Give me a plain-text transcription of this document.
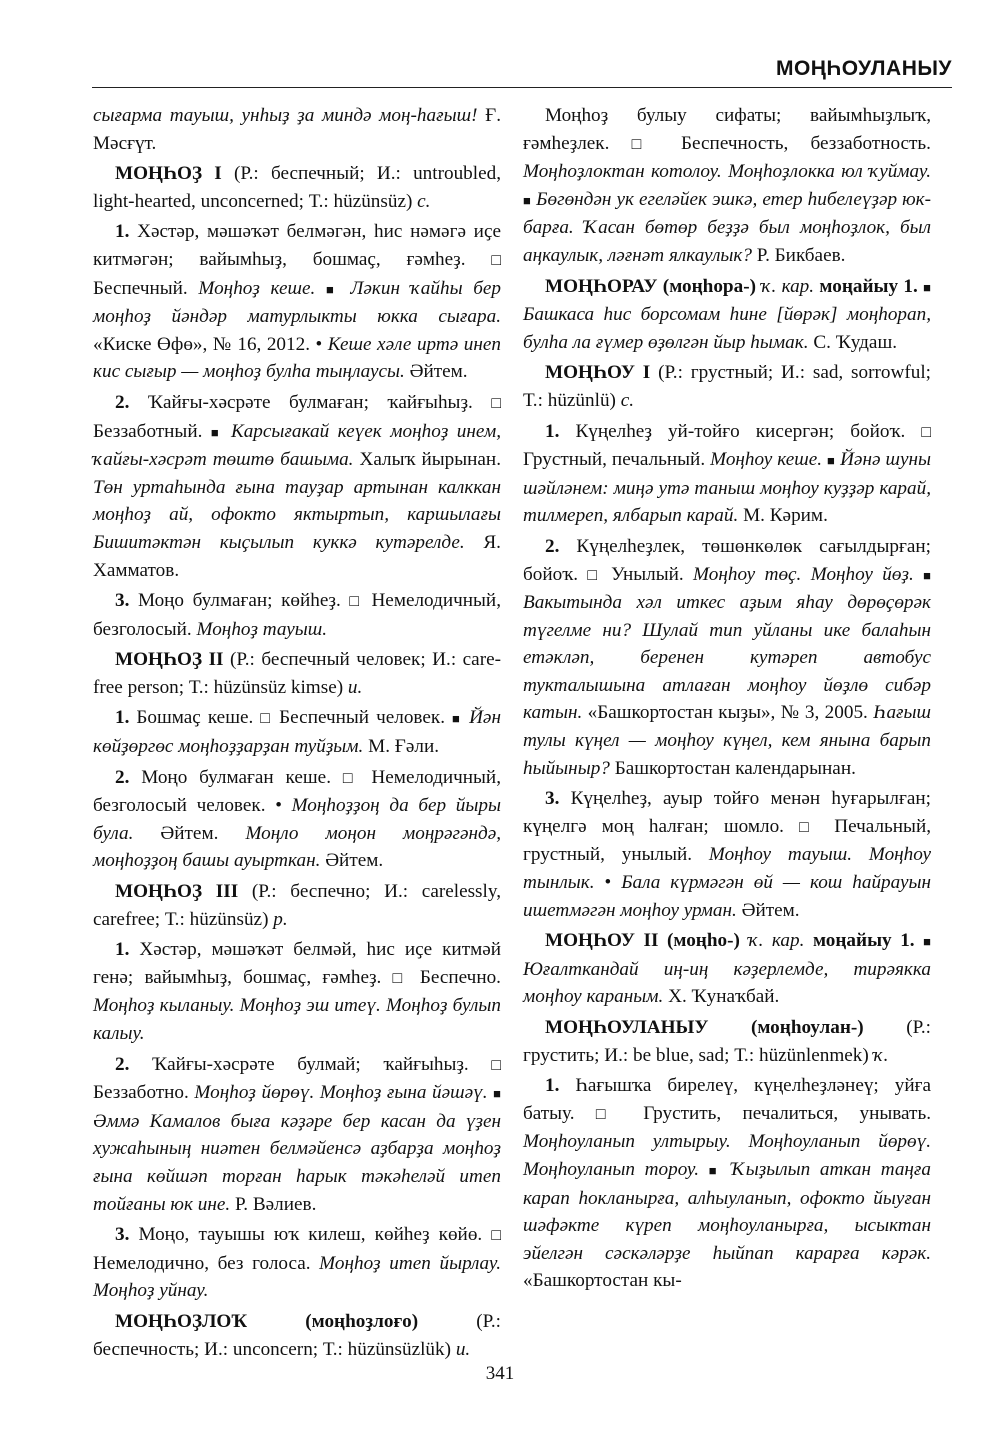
МОҢҺОУЛАНЫУ

сығарма тауыш, унһыҙ ҙа миндә моң-һағыш! Ғ. Мәсғүт.

МОҢҺОҘ I (Р.: беспечный; И.: untroubled, light-hearted, unconcerned; Т.: hüzünsüz) с.

1. Хәстәр, мәшәҡәт белмәгән, һис нәмәгә иҫе китмәгән; вайымһыҙ, бошмаҫ, ғәмһеҙ. □ Беспечный. Моңһоҙ кеше. ■ Ләкин ҡайһы бер моңһоҙ йәндәр матурлыкты юкка сығара. «Киске Өфө», № 16, 2012. • Кеше хәле иртә инеп кис сығыр — моңһоҙ булһа тыңлаусы. Әйтем.

2. Ҡайғы-хәсрәте булмаған; ҡайғыһыҙ. □ Беззаботный. ■ Карсығакай кеүек моңһоҙ инем, ҡайғы-хәсрәт төштө башыма. Халыҡ йырынан. Төн уртаһында ғына тауҙар артынан калккан моңһоҙ ай, офокто яктыртып, каршылағы Бишитәктән кыҫылып куккә кутәрелде. Я. Хамматов.

3. Моңо булмаған; көйһеҙ. □ Немелодичный, безголосый. Моңһоҙ тауыш.

МОҢҺОҘ II (Р.: беспечный человек; И.: care-free person; Т.: hüzünsüz kimse) и.

1. Бошмаҫ кеше. □ Беспечный человек. ■ Йән көйҙөргөс моңһоҙҙарҙан туйҙым. М. Ғәли.

2. Моңо булмаған кеше. □ Немелодичный, безголосый человек. • Моңһоҙҙоң да бер йыры була. Әйтем. Моңло моңон моңрәгәндә, моңһоҙҙоң башы ауырткан. Әйтем.

МОҢҺОҘ III (Р.: беспечно; И.: carelessly, carefree; Т.: hüzünsüz) р.

1. Хәстәр, мәшәҡәт белмәй, һис иҫе китмәй генә; вайымһыҙ, бошмаҫ, ғәмһеҙ. □ Беспечно. Моңһоҙ кыланыу. Моңһоҙ эш итеү. Моңһоҙ булып калыу.

2. Ҡайғы-хәсрәте булмай; ҡайғыһыҙ. □ Беззаботно. Моңһоҙ йөрөү. Моңһоҙ ғына йәшәү. ■ Әммә Камалов быға кәҙәре бер касан да үҙен хужаһының ниәтен белмәйенсә аҙбарҙа моңһоҙ ғына көйшәп торған һарык тәкәһеләй итеп тойғаны юк ине. Р. Вәлиев.

3. Моңо, тауышы юҡ килеш, көйһеҙ көйө. □ Немелодично, без голоса. Моңһоҙ итеп йырлау. Моңһоҙ уйнау.

МОҢҺОҘЛОҠ (моңһоҙлоғо) (Р.: беспечность; И.: unconcern; Т.: hüzünsüzlük) и.

Моңһоҙ булыу сифаты; вайымһыҙлыҡ, ғәмһеҙлек. □ Беспечность, беззаботность. Моңһоҙлоктан котолоу. Моңһоҙлокка юл ҡуймау. ■ Бөгөндән ук егеләйек эшкә, етер һибелеүҙәр юк-барға. Ҡасан бөтөр беҙҙә был моңһоҙлок, был аңкаулык, ләғнәт ялкаулык? Р. Бикбаев.

МОҢҺОРАУ (моңһора-) ҡ. кар. моңайыу 1. ■ Башкаса һис борсомам һине [йөрәк] моңһорап, булһа ла ғүмер өҙөлгән йыр һымак. С. Ҡудаш.

МОҢҺОУ I (Р.: грустный; И.: sad, sorrowful; Т.: hüzünlü) с.

1. Күңелһеҙ уй-тойғо кисергән; бойоҡ. □ Грустный, печальный. Моңһоу кеше. ■ Йәнә шуны шәйләнем: миңә утә таныш моңһоу куҙҙәр карай, тилмереп, ялбарып карай. М. Кәрим.

2. Күңелһеҙлек, төшөнкөлөк сағылдырған; бойоҡ. □ Унылый. Моңһоу төҫ. Моңһоу йөҙ. ■ Вакытында хәл иткес аҙым яһау дөрөҫөрәк түгелме ни? Шулай тип уйланы ике балаһын етәкләп, беренен кутәреп автобус тукталышына атлаған моңһоу йөҙлө сибәр катын. «Башкортостан кыҙы», № 3, 2005. Һағыш тулы күңел — моңһоу күңел, кем янына барып һыйыныр? Башкортостан календарынан.

3. Күңелһеҙ, ауыр тойғо менән һуғарылған; күңелгә моң һалған; шомло. □ Печальный, грустный, унылый. Моңһоу тауыш. Моңһоу тынлык. • Бала күрмәгән өй — кош һайрауын ишетмәгән моңһоу урман. Әйтем.

МОҢҺОУ II (моңһо-) ҡ. кар. моңайыу 1. ■ Юғалткандай иң-иң кәҙерлемде, тирәякка моңһоу караным. Х. Ҡунаҡбай.

МОҢҺОУЛАНЫУ (моңһоулан-) (Р.: грустить; И.: be blue, sad; Т.: hüzünlenmek) ҡ.

1. Һағышҡа бирелеү, күңелһеҙләнеү; уйға батыу. □ Грустить, печалиться, унывать. Моңһоуланып ултырыу. Моңһоуланып йөрөү. Моңһоуланып тороу. ■ Ҡыҙылып аткан таңға карап һокланырға, алһыуланып, офокто йыуған шәфәкте күреп моңһоуланырға, ысыктан эйелгән сәскәләрҙе һыйпап карарға кәрәк. «Башкортостан кы-

341
